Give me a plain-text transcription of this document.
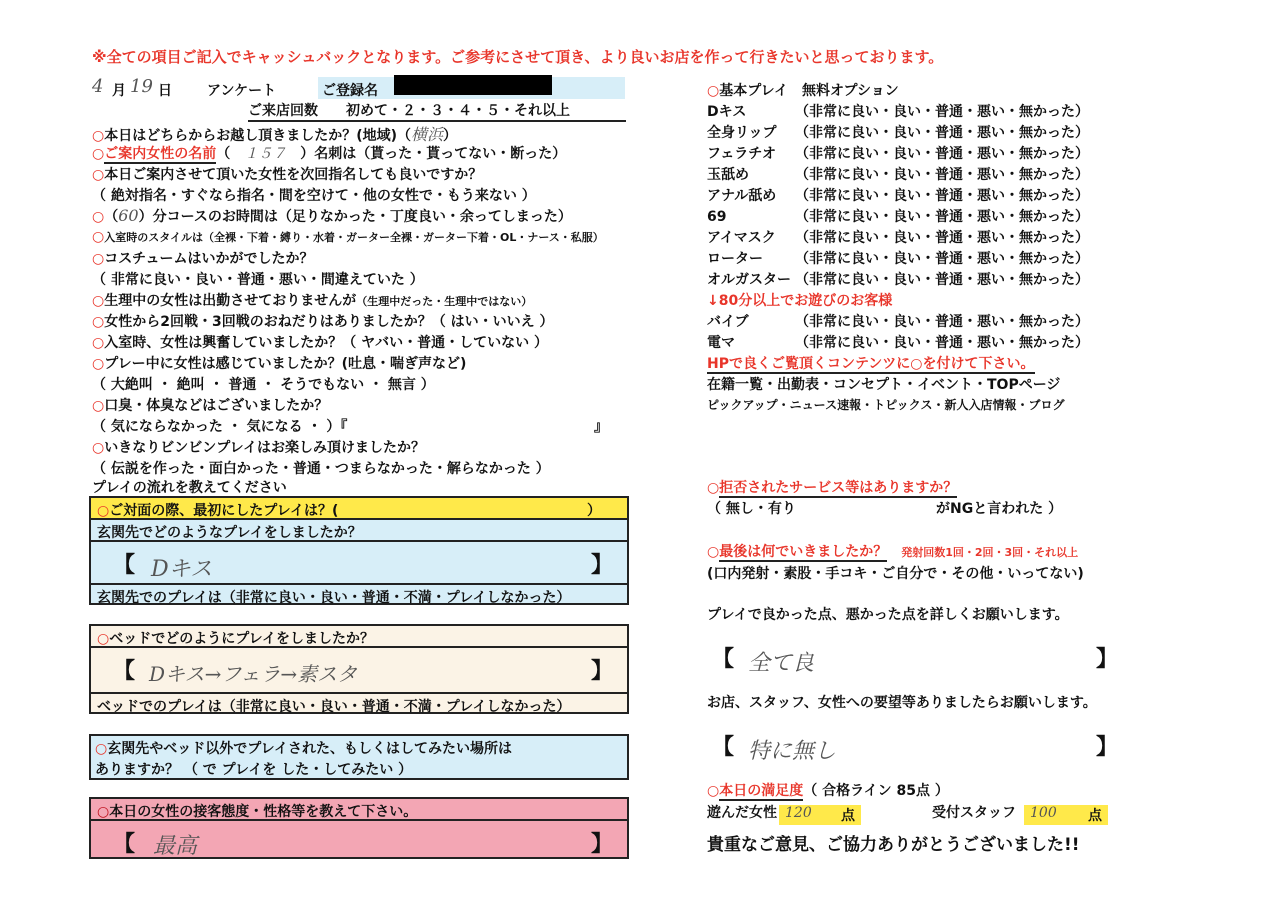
※全ての項目ご記入でキャッシュバックとなります。ご参考にさせて頂き、より良いお店を作って行きたいと思っております。
4 月 19 日	アンケート	ご登録名
ご来店回数　　 初めて・２・３・４・５・それ以上
○本日はどちらからお越し頂きましたか？(地域)（横浜）
○ご案内女性の名前（　１５７　）名刺は（貰った・貰ってない・断った）
○本日ご案内させて頂いた女性を次回指名しても良いですか？
（ 絶対指名・すぐなら指名・間を空けて・他の女性で・もう来ない ）
○（60）分コースのお時間は（足りなかった・丁度良い・余ってしまった）
○入室時のスタイルは（全裸・下着・縛り・水着・ガーター全裸・ガーター下着・OL・ナース・私服）
○コスチュームはいかがでしたか？
（ 非常に良い・良い・普通・悪い・間違えていた ）
○生理中の女性は出勤させておりませんが（生理中だった・生理中ではない）
○女性から2回戦・3回戦のおねだりはありましたか？（ はい・いいえ ）
○入室時、女性は興奮していましたか？（ ヤバい・普通・していない ）
○プレー中に女性は感じていましたか？(吐息・喘ぎ声など)
（ 大絶叫 ・ 絶叫 ・ 普通 ・ そうでもない ・ 無言 ）
○口臭・体臭などはございましたか？
（ 気にならなかった ・ 気になる ・ ）『	』
○いきなりビンビンプレイはお楽しみ頂けましたか？
（ 伝説を作った・面白かった・普通・つまらなかった・解らなかった ）
プレイの流れを教えてください
○ご対面の際、最初にしたプレイは？(	）
玄関先でどのようなプレイをしましたか？
【 Dキス	】
玄関先でのプレイは（非常に良い・良い・普通・不満・プレイしなかった）
○ベッドでどのようにプレイをしましたか？
【 Dキス→フェラ→素スタ	】
ベッドでのプレイは（非常に良い・良い・普通・不満・プレイしなかった）
○玄関先やベッド以外でプレイされた、もしくはしてみたい場所は
ありますか？ （ で プレイを した・してみたい ）
○本日の女性の接客態度・性格等を教えて下さい。
【 最高	】
○基本プレイ　 無料オプション
Dキス	（非常に良い・良い・普通・悪い・無かった）
全身リップ （非常に良い・良い・普通・悪い・無かった）
フェラチオ （非常に良い・良い・普通・悪い・無かった）
玉舐め	（非常に良い・良い・普通・悪い・無かった）
アナル舐め （非常に良い・良い・普通・悪い・無かった）
69	（非常に良い・良い・普通・悪い・無かった）
アイマスク （非常に良い・良い・普通・悪い・無かった）
ローター （非常に良い・良い・普通・悪い・無かった）
オルガスター （非常に良い・良い・普通・悪い・無かった）
↓80分以上でお遊びのお客様
バイブ	（非常に良い・良い・普通・悪い・無かった）
電マ	（非常に良い・良い・普通・悪い・無かった）
HPで良くご覧頂くコンテンツに○を付けて下さい。
在籍一覧・出勤表・コンセプト・イベント・TOPページ
ピックアップ・ニュース速報・トピックス・新人入店情報・ブログ
○拒否されたサービス等はありますか？
（ 無し・有り	がNGと言われた ）
○最後は何でいきましたか？　 発射回数1回・2回・3回・それ以上
(口内発射・素股・手コキ・ご自分で・その他・いってない)
プレイで良かった点、悪かった点を詳しくお願いします。
【 全て良	】
お店、スタッフ、女性への要望等ありましたらお願いします。
【 特に無し	】
○本日の満足度（ 合格ライン 85点 ）
遊んだ女性 120 点	受付スタッフ 100 点
貴重なご意見、ご協力ありがとうございました!!
